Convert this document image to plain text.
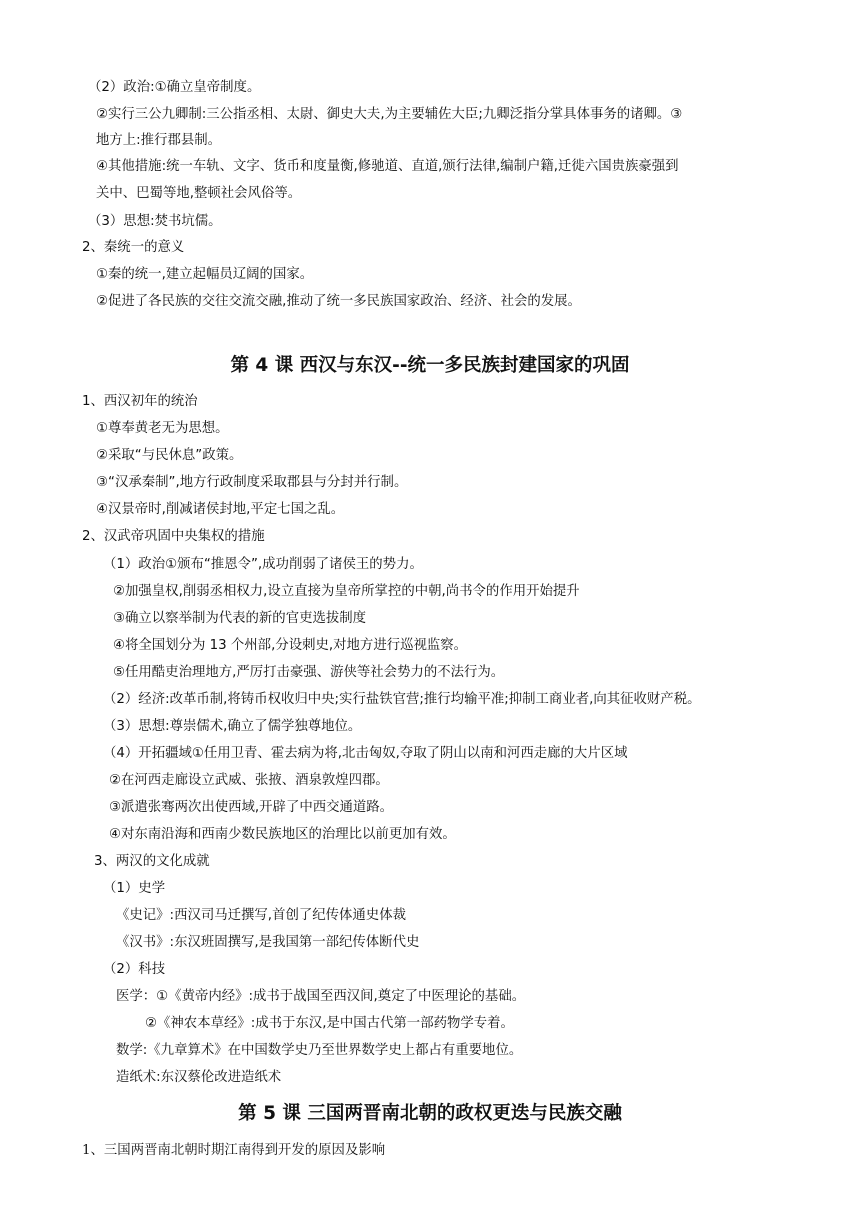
（2）政治:①确立皇帝制度。
②实行三公九卿制:三公指丞相、太尉、御史大夫,为主要辅佐大臣;九卿泛指分掌具体事务的诸卿。③
地方上:推行郡县制。
④其他措施:统一车轨、文字、货币和度量衡,修驰道、直道,颁行法律,编制户籍,迁徙六国贵族豪强到
关中、巴蜀等地,整顿社会风俗等。
（3）思想:焚书坑儒。
2、秦统一的意义
①秦的统一,建立起幅员辽阔的国家。
②促进了各民族的交往交流交融,推动了统一多民族国家政治、经济、社会的发展。
第 4 课 西汉与东汉--统一多民族封建国家的巩固
1、西汉初年的统治
①尊奉黄老无为思想。
②采取“与民休息”政策。
③“汉承秦制”,地方行政制度采取郡县与分封并行制。
④汉景帝时,削减诸侯封地,平定七国之乱。
2、汉武帝巩固中央集权的措施
（1）政治①颁布“推恩令”,成功削弱了诸侯王的势力。
②加强皇权,削弱丞相权力,设立直接为皇帝所掌控的中朝,尚书令的作用开始提升
③确立以察举制为代表的新的官吏选拔制度
④将全国划分为 13 个州部,分设刺史,对地方进行巡视监察。
⑤任用酷吏治理地方,严厉打击豪强、游侠等社会势力的不法行为。
（2）经济:改革币制,将铸币权收归中央;实行盐铁官营;推行均输平准;抑制工商业者,向其征收财产税。
（3）思想:尊崇儒术,确立了儒学独尊地位。
（4）开拓疆域①任用卫青、霍去病为将,北击匈奴,夺取了阴山以南和河西走廊的大片区域
②在河西走廊设立武威、张掖、酒泉敦煌四郡。
③派遣张骞两次出使西域,开辟了中西交通道路。
④对东南沿海和西南少数民族地区的治理比以前更加有效。
3、两汉的文化成就
（1）史学
《史记》:西汉司马迁撰写,首创了纪传体通史体裁
《汉书》:东汉班固撰写,是我国第一部纪传体断代史
（2）科技
医学：①《黄帝内经》:成书于战国至西汉间,奠定了中医理论的基础。
②《神农本草经》:成书于东汉,是中国古代第一部药物学专着。
数学:《九章算术》在中国数学史乃至世界数学史上都占有重要地位。
造纸术:东汉蔡伦改进造纸术
第 5 课 三国两晋南北朝的政权更迭与民族交融
1、三国两晋南北朝时期江南得到开发的原因及影响
